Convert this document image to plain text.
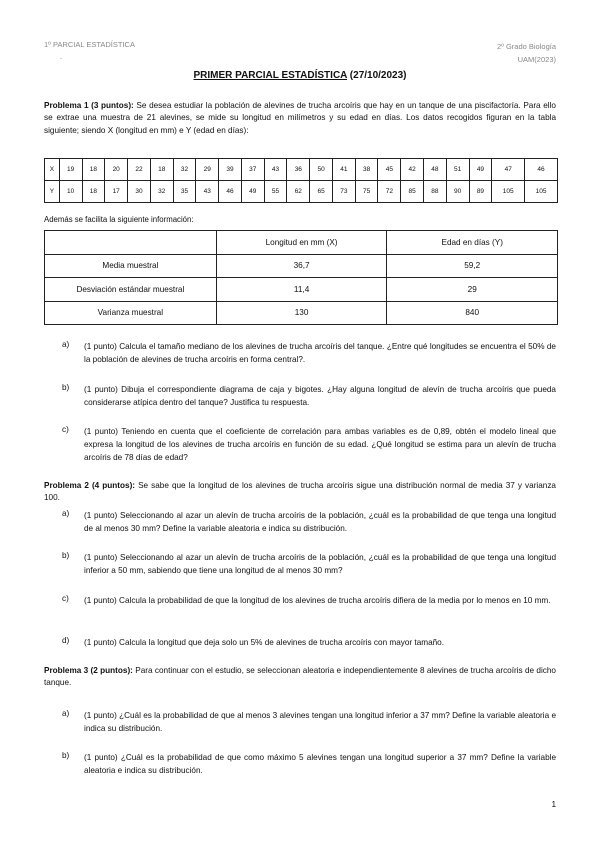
1º PARCIAL ESTADÍSTICA
.
2º Grado Biología
UAM(2023)
PRIMER PARCIAL ESTADÍSTICA (27/10/2023)
Problema 1 (3 puntos): Se desea estudiar la población de alevines de trucha arcoíris que hay en un tanque de una piscifactoría. Para ello se extrae una muestra de 21 alevines, se mide su longitud en milímetros y su edad en días. Los datos recogidos figuran en la tabla siguiente; siendo X (longitud en mm) e Y (edad en días):
X	19	18	20	22	18	32	29	39	37	43	36	50	41	38	45	42	48	51	49	47	46
Y	10	18	17	30	32	35	43	46	49	55	62	65	73	75	72	85	88	90	89	105	105
Además se facilita la siguiente información:
	Longitud en mm (X)	Edad en días (Y)
Media muestral	36,7	59,2
Desviación estándar muestral	11,4	29
Varianza muestral	130	840
a) (1 punto) Calcula el tamaño mediano de los alevines de trucha arcoíris del tanque. ¿Entre qué longitudes se encuentra el 50% de la población de alevines de trucha arcoíris en forma central?.
b) (1 punto) Dibuja el correspondiente diagrama de caja y bigotes. ¿Hay alguna longitud de alevín de trucha arcoíris que pueda considerarse atípica dentro del tanque? Justifica tu respuesta.
c) (1 punto) Teniendo en cuenta que el coeficiente de correlación para ambas variables es de 0,89, obtén el modelo lineal que expresa la longitud de los alevines de trucha arcoíris en función de su edad. ¿Qué longitud se estima para un alevín de trucha arcoíris de 78 días de edad?
Problema 2 (4 puntos): Se sabe que la longitud de los alevines de trucha arcoíris sigue una distribución normal de media 37 y varianza 100.
a) (1 punto) Seleccionando al azar un alevín de trucha arcoíris de la población, ¿cuál es la probabilidad de que tenga una longitud de al menos 30 mm? Define la variable aleatoria e indica su distribución.
b) (1 punto) Seleccionando al azar un alevín de trucha arcoíris de la población, ¿cuál es la probabilidad de que tenga una longitud inferior a 50 mm, sabiendo que tiene una longitud de al menos 30 mm?
c) (1 punto) Calcula la probabilidad de que la longitud de los alevines de trucha arcoíris difiera de la media por lo menos en 10 mm.
d) (1 punto) Calcula la longitud que deja solo un 5% de alevines de trucha arcoíris con mayor tamaño.
Problema 3 (2 puntos): Para continuar con el estudio, se seleccionan aleatoria e independientemente 8 alevines de trucha arcoíris de dicho tanque.
a) (1 punto) ¿Cuál es la probabilidad de que al menos 3 alevines tengan una longitud inferior a 37 mm? Define la variable aleatoria e indica su distribución.
b) (1 punto) ¿Cuál es la probabilidad de que como máximo 5 alevines tengan una longitud superior a 37 mm? Define la variable aleatoria e indica su distribución.
1
